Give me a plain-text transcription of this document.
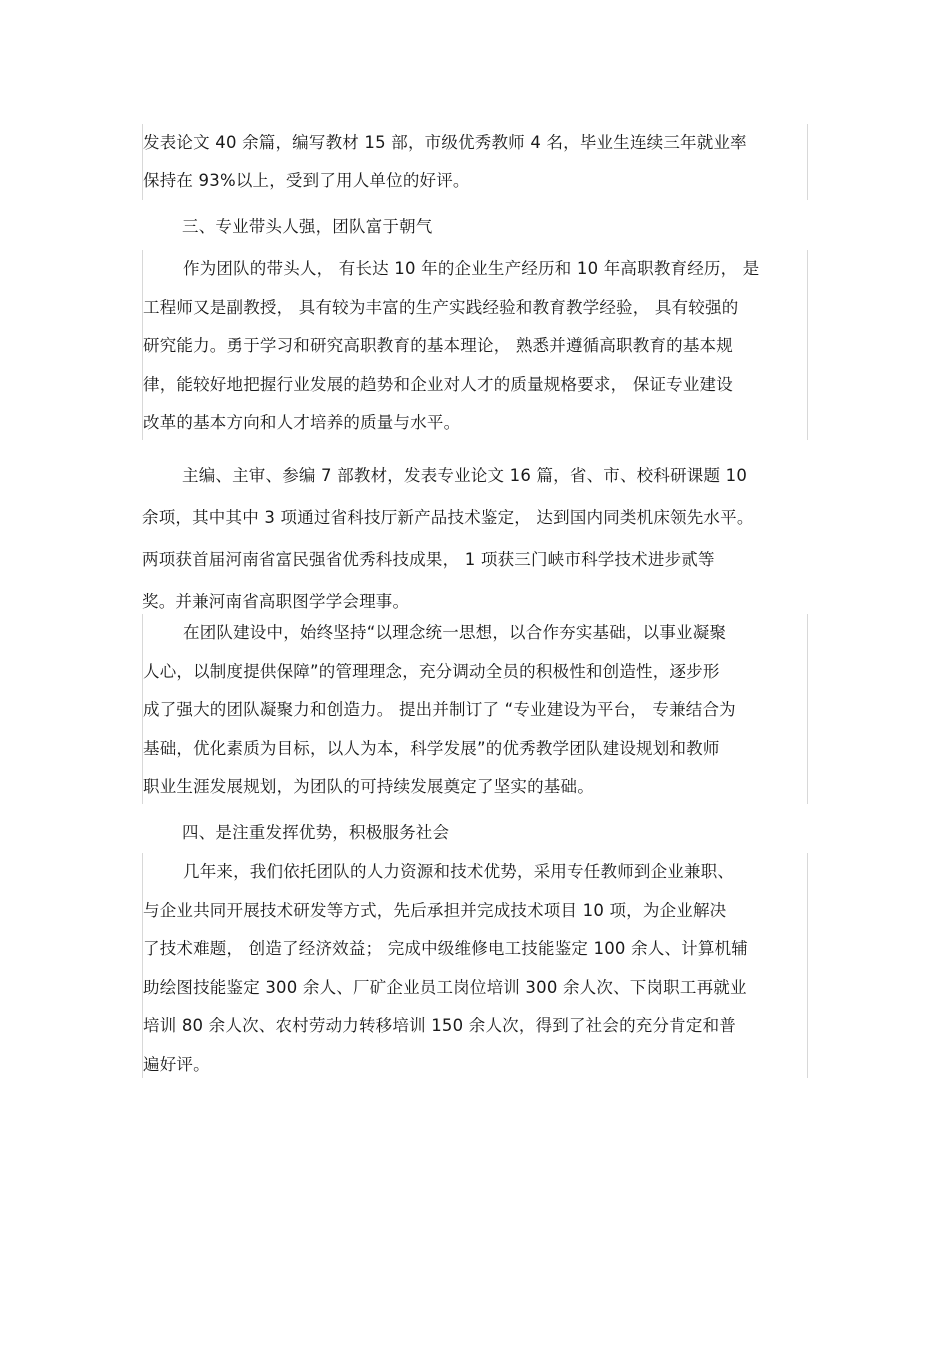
发表论文 40 余篇，编写教材 15 部，市级优秀教师 4 名，毕业生连续三年就业率
保持在 93%以上，受到了用人单位的好评。
三、专业带头人强，团队富于朝气
作为团队的带头人， 有长达 10 年的企业生产经历和 10 年高职教育经历， 是
工程师又是副教授， 具有较为丰富的生产实践经验和教育教学经验， 具有较强的
研究能力。勇于学习和研究高职教育的基本理论， 熟悉并遵循高职教育的基本规
律，能较好地把握行业发展的趋势和企业对人才的质量规格要求， 保证专业建设
改革的基本方向和人才培养的质量与水平。
主编、主审、参编 7 部教材，发表专业论文 16 篇，省、市、校科研课题 10
余项，其中其中 3 项通过省科技厅新产品技术鉴定， 达到国内同类机床领先水平。
两项获首届河南省富民强省优秀科技成果， 1 项获三门峡市科学技术进步贰等
奖。并兼河南省高职图学学会理事。
在团队建设中，始终坚持“以理念统一思想，以合作夯实基础，以事业凝聚
人心，以制度提供保障”的管理理念，充分调动全员的积极性和创造性，逐步形
成了强大的团队凝聚力和创造力。 提出并制订了 “专业建设为平台， 专兼结合为
基础，优化素质为目标，以人为本，科学发展”的优秀教学团队建设规划和教师
职业生涯发展规划，为团队的可持续发展奠定了坚实的基础。
四、是注重发挥优势，积极服务社会
几年来，我们依托团队的人力资源和技术优势，采用专任教师到企业兼职、
与企业共同开展技术研发等方式，先后承担并完成技术项目 10 项，为企业解决
了技术难题， 创造了经济效益； 完成中级维修电工技能鉴定 100 余人、计算机辅
助绘图技能鉴定 300 余人、厂矿企业员工岗位培训 300 余人次、下岗职工再就业
培训 80 余人次、农村劳动力转移培训 150 余人次，得到了社会的充分肯定和普
遍好评。
